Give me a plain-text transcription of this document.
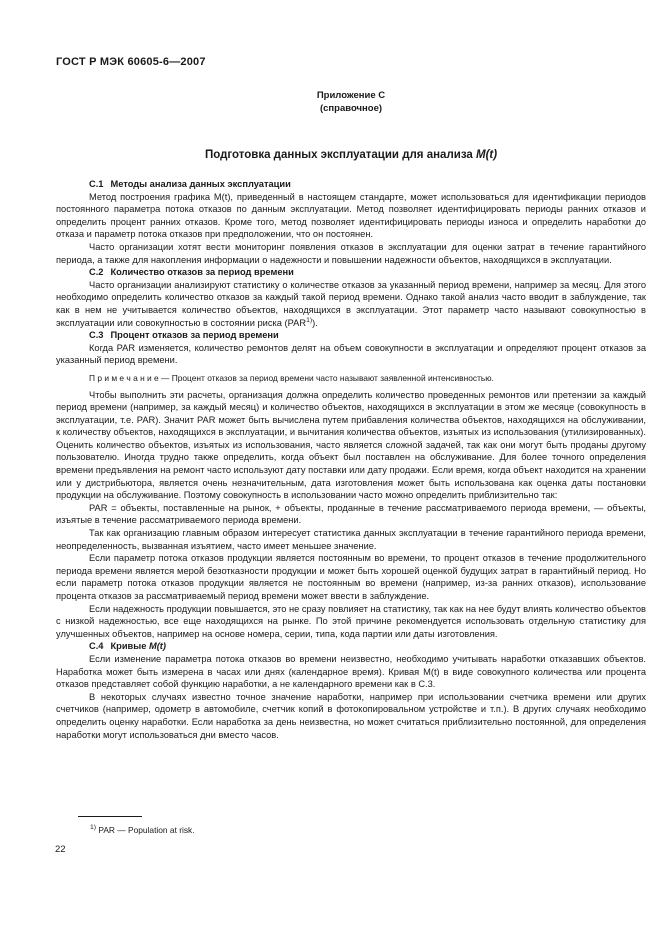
ГОСТ Р МЭК 60605-6—2007
Приложение С
(справочное)
Подготовка данных эксплуатации для анализа M(t)

С.1 Методы анализа данных эксплуатации

Метод построения графика M(t), приведенный в настоящем стандарте, может использоваться для идентификации периодов постоянного параметра потока отказов по данным эксплуатации. Метод позволяет идентифицировать периоды ранних отказов и определить процент ранних отказов. Кроме того, метод позволяет идентифицировать периоды износа и определить наработки до отказа и параметр потока отказов при предположении, что он постоянен.

Часто организации хотят вести мониторинг появления отказов в эксплуатации для оценки затрат в течение гарантийного периода, а также для накопления информации о надежности и повышении надежности объектов, находящихся в эксплуатации.

С.2 Количество отказов за период времени

Часто организации анализируют статистику о количестве отказов за указанный период времени, например за месяц. Для этого необходимо определить количество отказов за каждый такой период времени. Однако такой анализ часто вводит в заблуждение, так как в нем не учитывается количество объектов, находящихся в эксплуатации. Этот параметр часто называют совокупностью в эксплуатации или совокупностью в состоянии риска (PAR$^{1)}$).

С.3 Процент отказов за период времени

Когда PAR изменяется, количество ремонтов делят на объем совокупности в эксплуатации и определяют процент отказов за указанный период времени.

П р и м е ч а н и е — Процент отказов за период времени часто называют заявленной интенсивностью.

Чтобы выполнить эти расчеты, организация должна определить количество проведенных ремонтов или претензии за каждый период времени (например, за каждый месяц) и количество объектов, находящихся в эксплуатации в этом же месяце (совокупность в эксплуатации, т.е. PAR). Значит PAR может быть вычислена путем прибавления количества объектов, находящихся на обслуживании, к количеству объектов, находящихся в эксплуатации, и вычитания количества объектов, изъятых из использования (утилизированных). Оценить количество объектов, изъятых из использования, часто является сложной задачей, так как они могут быть проданы другому пользователю. Иногда трудно также определить, когда объект был поставлен на обслуживание. Для более точного определения времени предъявления на ремонт часто используют дату поставки или дату продажи. Если время, когда объект находится на хранении или у дистрибьютора, является очень незначительным, дата изготовления может быть использована как оценка даты постановки продукции на обслуживание. Поэтому совокупность в использовании часто можно определить приблизительно так:

PAR = объекты, поставленные на рынок, + объекты, проданные в течение рассматриваемого периода времени, — объекты, изъятые в течение рассматриваемого периода времени.

Так как организацию главным образом интересует статистика данных эксплуатации в течение гарантийного периода времени, неопределенность, вызванная изъятием, часто имеет меньшее значение.

Если параметр потока отказов продукции является постоянным во времени, то процент отказов в течение продолжительного периода времени является мерой безотказности продукции и может быть хорошей оценкой будущих затрат в гарантийный период. Но если параметр потока отказов продукции является не постоянным во времени (например, из-за ранних отказов), использование процента отказов за рассматриваемый период времени может ввести в заблуждение.

Если надежность продукции повышается, это не сразу повлияет на статистику, так как на нее будут влиять количество объектов с низкой надежностью, все еще находящихся на рынке. По этой причине рекомендуется использовать отдельную статистику для улучшенных объектов, например на основе номера, серии, типа, кода партии или даты изготовления.

С.4 Кривые M(t)

Если изменение параметра потока отказов во времени неизвестно, необходимо учитывать наработки отказавших объектов. Наработка может быть измерена в часах или днях (календарное время). Кривая M(t) в виде совокупного количества или процента отказов представляет собой функцию наработки, а не календарного времени как в С.3.

В некоторых случаях известно точное значение наработки, например при использовании счетчика времени или других счетчиков (например, одометр в автомобиле, счетчик копий в фотокопировальном устройстве и т.п.). В других случаях необходимо определить оценку наработки. Если наработка за день неизвестна, но может считаться приблизительно постоянной, для определения наработки могут использоваться дни вместо часов.

$^{1)}$ PAR — Population at risk.

22
